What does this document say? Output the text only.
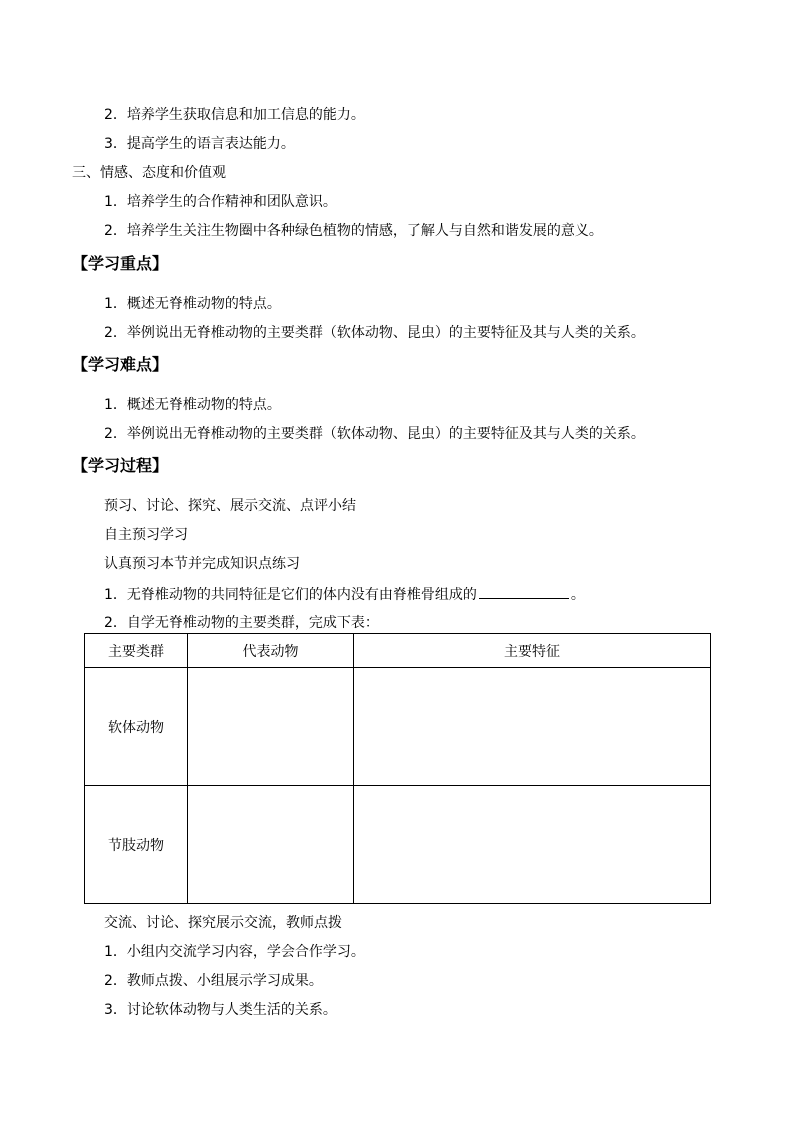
2．培养学生获取信息和加工信息的能力。
3．提高学生的语言表达能力。
三、情感、态度和价值观
1．培养学生的合作精神和团队意识。
2．培养学生关注生物圈中各种绿色植物的情感，了解人与自然和谐发展的意义。
【学习重点】
1．概述无脊椎动物的特点。
2．举例说出无脊椎动物的主要类群（软体动物、昆虫）的主要特征及其与人类的关系。
【学习难点】
1．概述无脊椎动物的特点。
2．举例说出无脊椎动物的主要类群（软体动物、昆虫）的主要特征及其与人类的关系。
【学习过程】
预习、讨论、探究、展示交流、点评小结
自主预习学习
认真预习本节并完成知识点练习
1．无脊椎动物的共同特征是它们的体内没有由脊椎骨组成的	。
2．自学无脊椎动物的主要类群，完成下表：
主要类群	代表动物	主要特征
软体动物		
节肢动物		
交流、讨论、探究展示交流，教师点拨
1．小组内交流学习内容，学会合作学习。
2．教师点拨、小组展示学习成果。
3．讨论软体动物与人类生活的关系。
